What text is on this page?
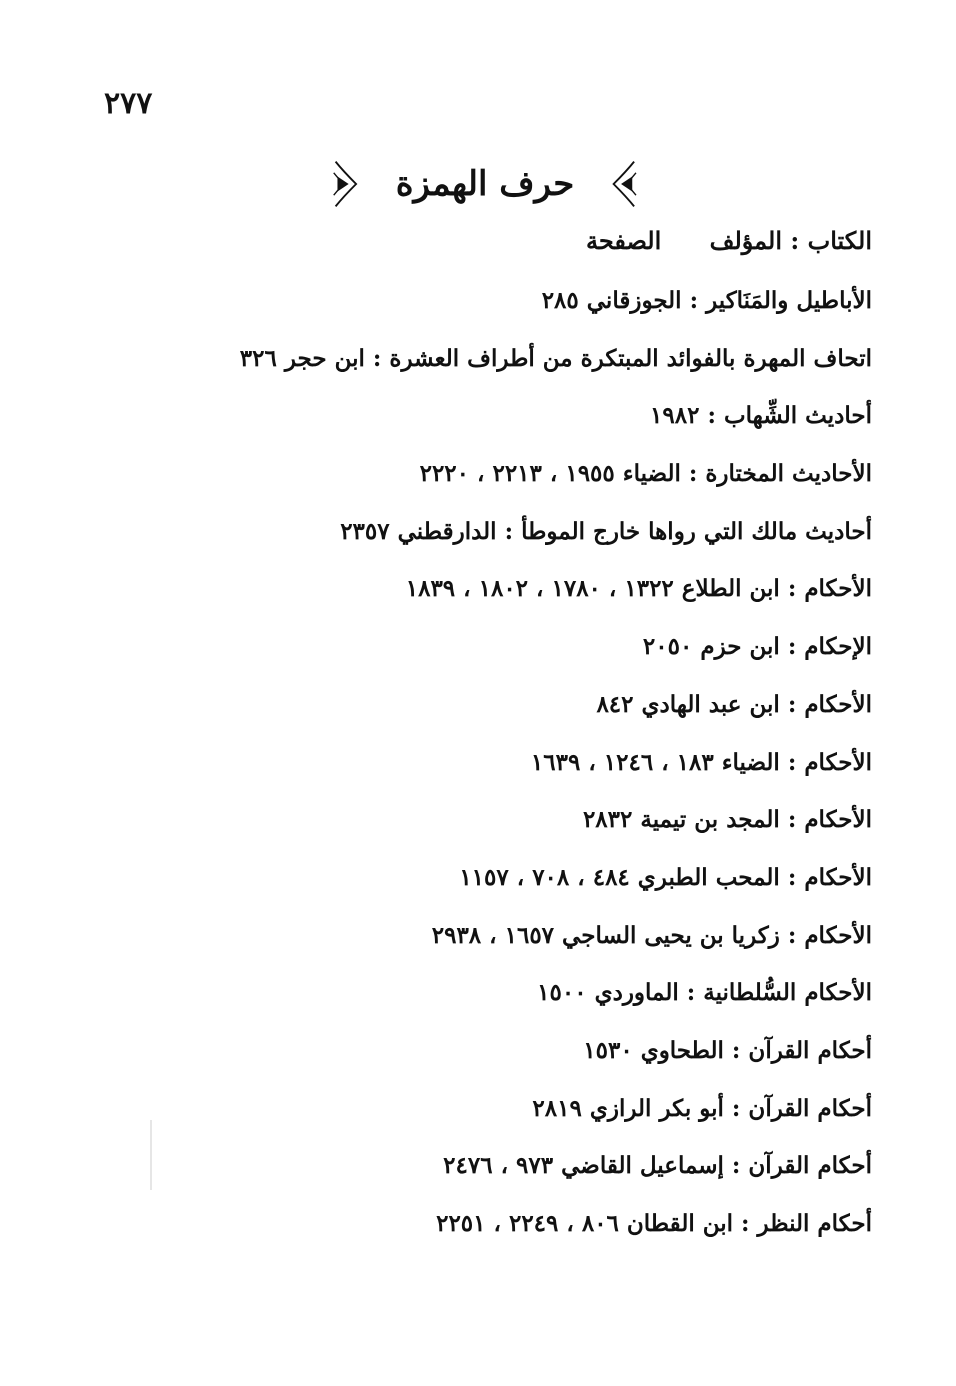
٢٧٧
حرف الهمزة
الكتاب : المؤلف الصفحة
الأباطيل والمَنَاكير : الجوزقاني ٢٨٥
اتحاف المهرة بالفوائد المبتكرة من أطراف العشرة : ابن حجر ٣٢٦
أحاديث الشِّهاب : ١٩٨٢
الأحاديث المختارة : الضياء ١٩٥٥ ، ٢٢١٣ ، ٢٢٢٠
أحاديث مالك التي رواها خارج الموطأ : الدارقطني ٢٣٥٧
الأحكام : ابن الطلاع ١٣٢٢ ، ١٧٨٠ ، ١٨٠٢ ، ١٨٣٩
الإحكام : ابن حزم ٢٠٥٠
الأحكام : ابن عبد الهادي ٨٤٢
الأحكام : الضياء ١٨٣ ، ١٢٤٦ ، ١٦٣٩
الأحكام : المجد بن تيمية ٢٨٣٢
الأحكام : المحب الطبري ٤٨٤ ، ٧٠٨ ، ١١٥٧
الأحكام : زكريا بن يحيى الساجي ١٦٥٧ ، ٢٩٣٨
الأحكام السُّلطانية : الماوردي ١٥٠٠
أحكام القرآن : الطحاوي ١٥٣٠
أحكام القرآن : أبو بكر الرازي ٢٨١٩
أحكام القرآن : إسماعيل القاضي ٩٧٣ ، ٢٤٧٦
أحكام النظر : ابن القطان ٨٠٦ ، ٢٢٤٩ ، ٢٢٥١
